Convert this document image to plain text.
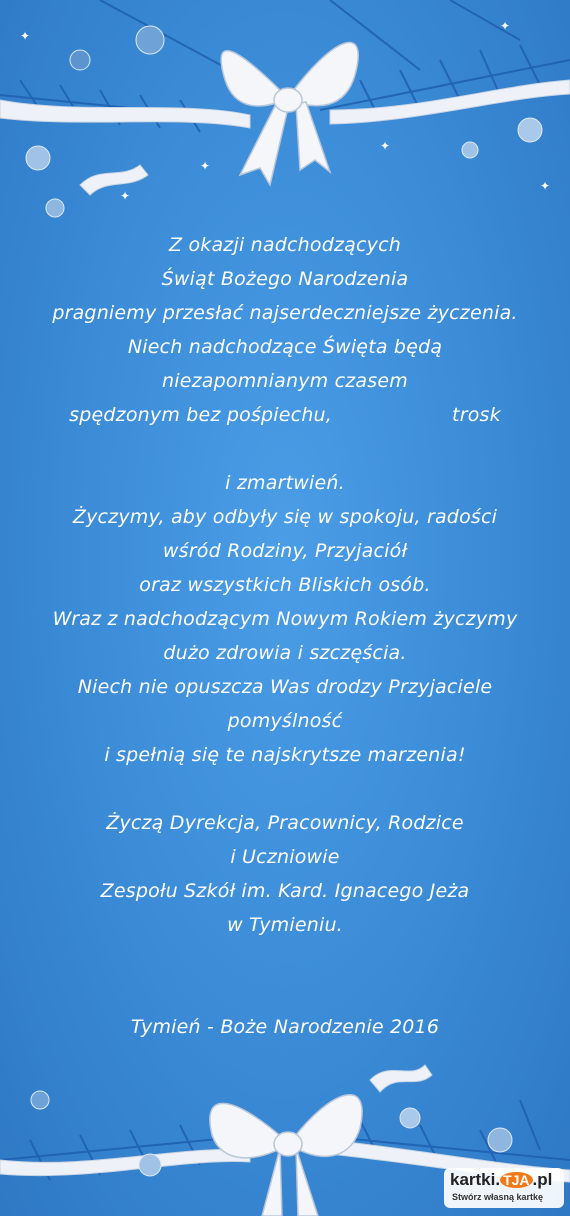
✦
✦
✦
✦
✦
✦
Z okazji nadchodzących
Świąt Bożego Narodzenia
pragniemy przesłać najserdeczniejsze życzenia.
Niech nadchodzące Święta będą
niezapomnianym czasem
spędzonym bez pośpiechu,	trosk
i zmartwień.
Życzymy, aby odbyły się w spokoju, radości
wśród Rodziny, Przyjaciół
oraz wszystkich Bliskich osób.
Wraz z nadchodzącym Nowym Rokiem życzymy
dużo zdrowia i szczęścia.
Niech nie opuszcza Was drodzy Przyjaciele
pomyślność
i spełnią się te najskrytsze marzenia!
Życzą Dyrekcja, Pracownicy, Rodzice
i Uczniowie
Zespołu Szkół im. Kard. Ignacego Jeża
w Tymieniu.
Tymień - Boże Narodzenie 2016
kartki. TJA .pl
Stwórz własną kartkę
